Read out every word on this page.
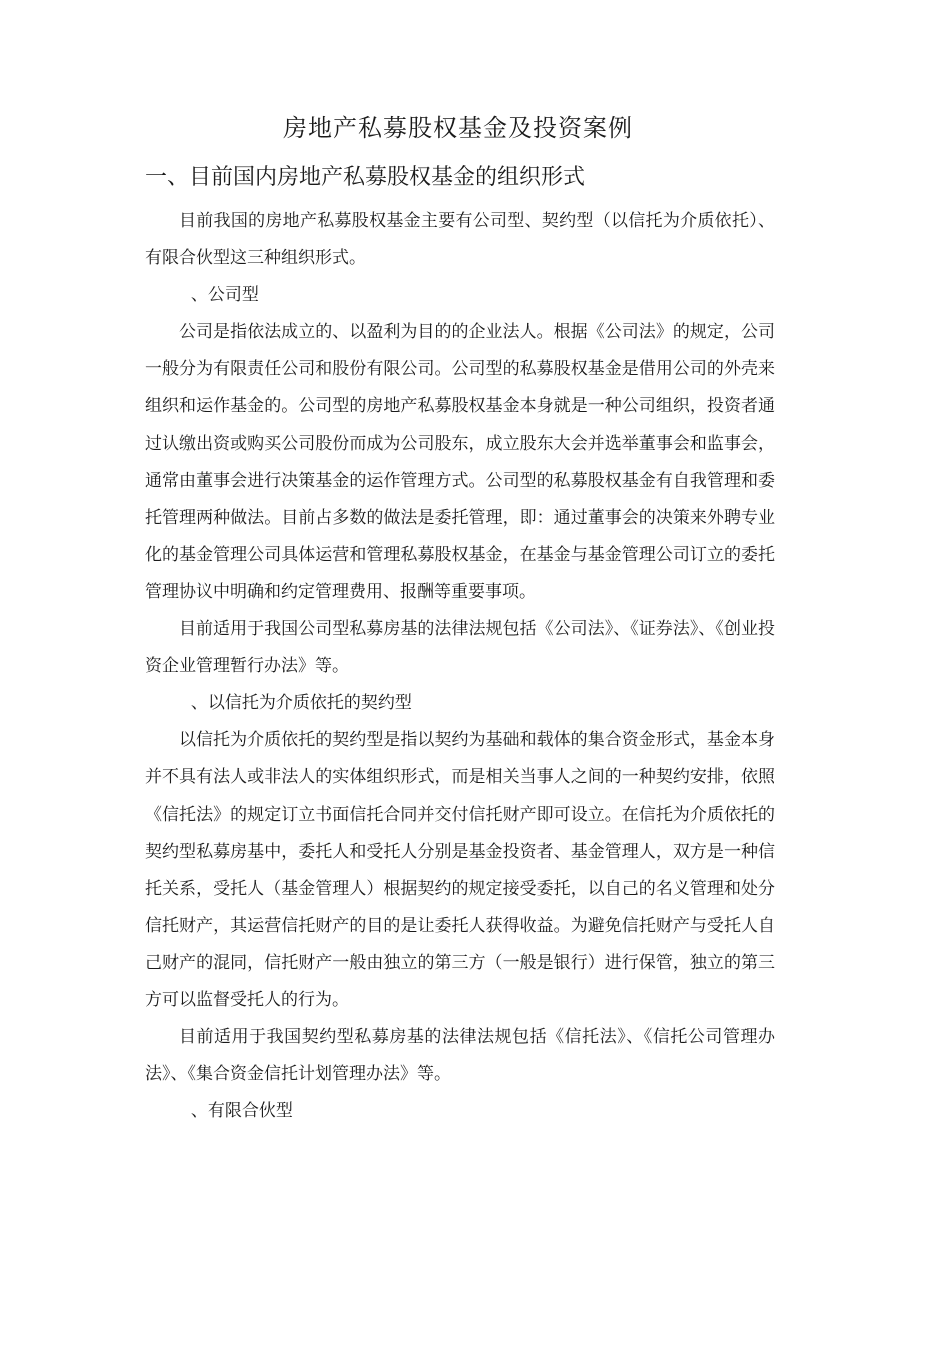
房地产私募股权基金及投资案例
一、目前国内房地产私募股权基金的组织形式

目前我国的房地产私募股权基金主要有公司型、契约型（以信托为介质依托）、有限合伙型这三种组织形式。

、公司型

公司是指依法成立的、以盈利为目的的企业法人。根据《公司法》的规定，公司一般分为有限责任公司和股份有限公司。公司型的私募股权基金是借用公司的外壳来组织和运作基金的。公司型的房地产私募股权基金本身就是一种公司组织，投资者通过认缴出资或购买公司股份而成为公司股东，成立股东大会并选举董事会和监事会，通常由董事会进行决策基金的运作管理方式。公司型的私募股权基金有自我管理和委托管理两种做法。目前占多数的做法是委托管理，即：通过董事会的决策来外聘专业化的基金管理公司具体运营和管理私募股权基金，在基金与基金管理公司订立的委托管理协议中明确和约定管理费用、报酬等重要事项。

目前适用于我国公司型私募房基的法律法规包括《公司法》、《证券法》、《创业投资企业管理暂行办法》等。

、以信托为介质依托的契约型

以信托为介质依托的契约型是指以契约为基础和载体的集合资金形式，基金本身并不具有法人或非法人的实体组织形式，而是相关当事人之间的一种契约安排，依照《信托法》的规定订立书面信托合同并交付信托财产即可设立。在信托为介质依托的契约型私募房基中，委托人和受托人分别是基金投资者、基金管理人，双方是一种信托关系，受托人（基金管理人）根据契约的规定接受委托，以自己的名义管理和处分信托财产，其运营信托财产的目的是让委托人获得收益。为避免信托财产与受托人自己财产的混同，信托财产一般由独立的第三方（一般是银行）进行保管，独立的第三方可以监督受托人的行为。

目前适用于我国契约型私募房基的法律法规包括《信托法》、《信托公司管理办法》、《集合资金信托计划管理办法》等。

、有限合伙型
